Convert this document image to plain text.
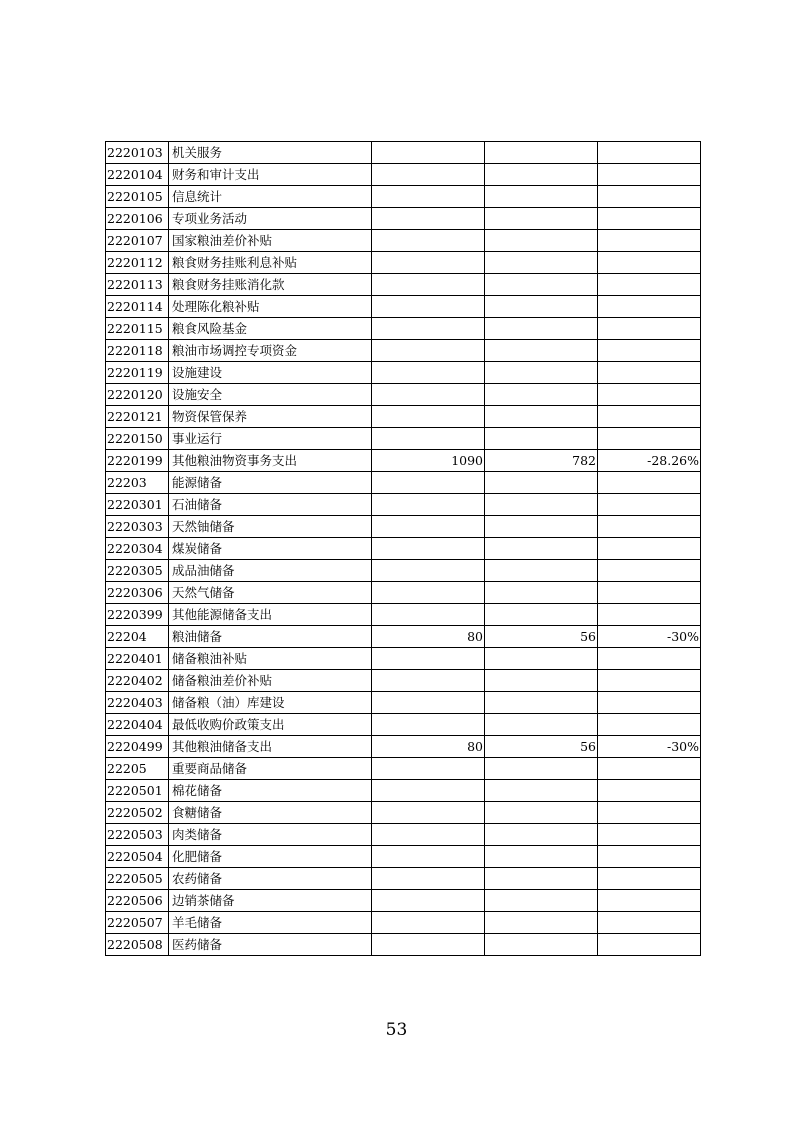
2220103	机关服务			
2220104	财务和审计支出			
2220105	信息统计			
2220106	专项业务活动			
2220107	国家粮油差价补贴			
2220112	粮食财务挂账利息补贴			
2220113	粮食财务挂账消化款			
2220114	处理陈化粮补贴			
2220115	粮食风险基金			
2220118	粮油市场调控专项资金			
2220119	设施建设			
2220120	设施安全			
2220121	物资保管保养			
2220150	事业运行			
2220199	其他粮油物资事务支出	1090	782	-28.26%
22203	能源储备			
2220301	石油储备			
2220303	天然铀储备			
2220304	煤炭储备			
2220305	成品油储备			
2220306	天然气储备			
2220399	其他能源储备支出			
22204	粮油储备	80	56	-30%
2220401	储备粮油补贴			
2220402	储备粮油差价补贴			
2220403	储备粮（油）库建设			
2220404	最低收购价政策支出			
2220499	其他粮油储备支出	80	56	-30%
22205	重要商品储备			
2220501	棉花储备			
2220502	食糖储备			
2220503	肉类储备			
2220504	化肥储备			
2220505	农药储备			
2220506	边销茶储备			
2220507	羊毛储备			
2220508	医药储备			
53
